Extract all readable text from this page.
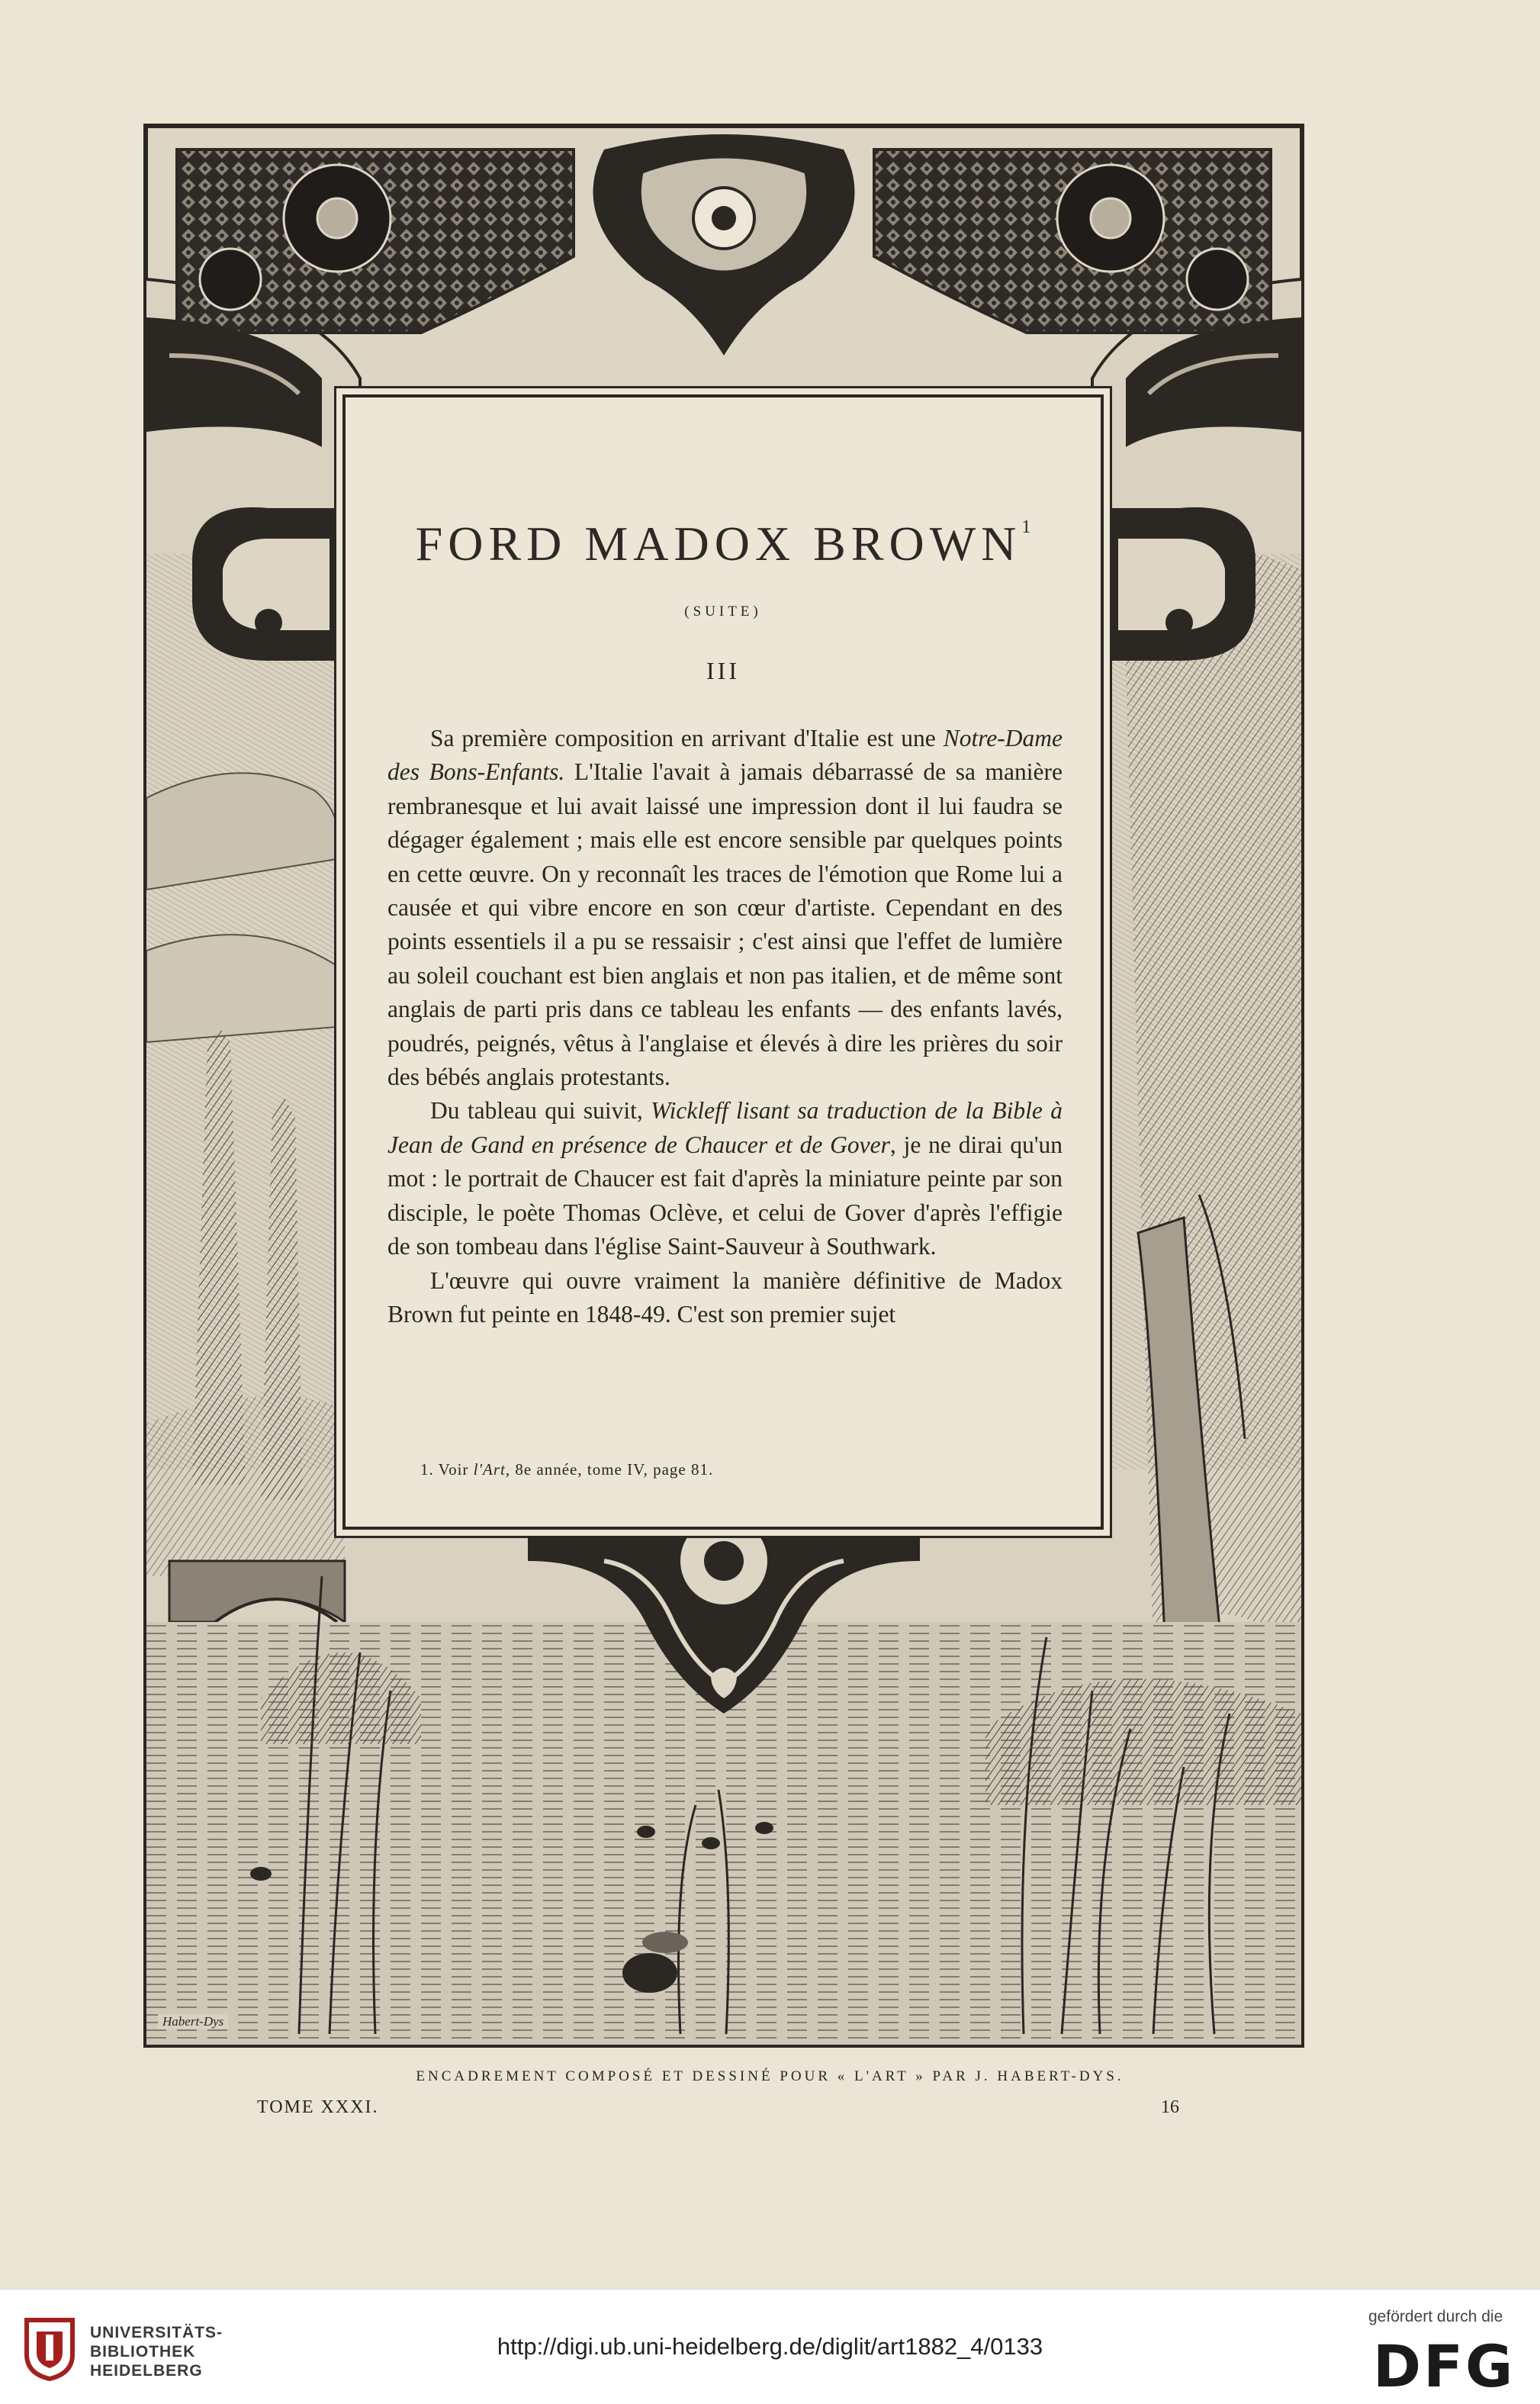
FORD MADOX BROWN$^1$
(SUITE)
III

Sa première composition en arrivant d'Italie est une Notre-Dame des Bons-Enfants. L'Italie l'avait à jamais débarrassé de sa manière rembranesque et lui avait laissé une impression dont il lui faudra se dégager également ; mais elle est encore sensible par quelques points en cette œuvre. On y reconnaît les traces de l'émotion que Rome lui a causée et qui vibre encore en son cœur d'artiste. Cependant en des points essentiels il a pu se ressaisir ; c'est ainsi que l'effet de lumière au soleil couchant est bien anglais et non pas italien, et de même sont anglais de parti pris dans ce tableau les enfants — des enfants lavés, poudrés, peignés, vêtus à l'anglaise et élevés à dire les prières du soir des bébés anglais protestants.

Du tableau qui suivit, Wickleff lisant sa traduction de la Bible à Jean de Gand en présence de Chaucer et de Gover, je ne dirai qu'un mot : le portrait de Chaucer est fait d'après la miniature peinte par son disciple, le poète Thomas Oclève, et celui de Gover d'après l'effigie de son tombeau dans l'église Saint-Sauveur à Southwark.

L'œuvre qui ouvre vraiment la manière définitive de Madox Brown fut peinte en 1848-49. C'est son premier sujet

1. Voir l'Art, 8e année, tome IV, page 81.
Habert-Dys
ENCADREMENT COMPOSÉ ET DESSINÉ POUR « L'ART » PAR J. HABERT-DYS.
TOME XXXI.	16
UNIVERSITÄTS-
BIBLIOTHEK
HEIDELBERG
http://digi.ub.uni-heidelberg.de/diglit/art1882_4/0133
gefördert durch die
DFG
